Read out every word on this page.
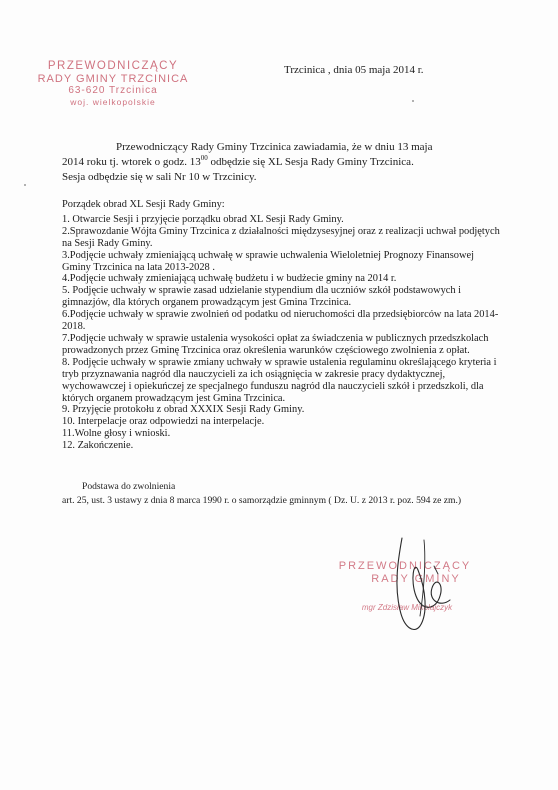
PRZEWODNICZĄCY
RADY GMINY TRZCINICA
63-620 Trzcinica
woj. wielkopolskie
Trzcinica , dnia 05 maja 2014 r.

Przewodniczący Rady Gminy Trzcinica zawiadamia, że w dniu 13 maja

2014 roku tj. wtorek o godz. $13^{00}$ odbędzie się XL Sesja Rady Gminy Trzcinica.

Sesja odbędzie się w sali Nr 10 w Trzcinicy.

Porządek obrad XL Sesji Rady Gminy:

1. Otwarcie Sesji i przyjęcie porządku obrad XL Sesji Rady Gminy.

2.Sprawozdanie Wójta Gminy Trzcinica z działalności międzysesyjnej oraz z realizacji uchwał podjętych na Sesji Rady Gminy.

3.Podjęcie uchwały zmieniającą uchwałę w sprawie uchwalenia Wieloletniej Prognozy Finansowej Gminy Trzcinica na lata 2013-2028 .

4.Podjęcie uchwały zmieniającą uchwałę budżetu i w budżecie gminy na 2014 r.

5. Podjęcie uchwały w sprawie zasad udzielanie stypendium dla uczniów szkół podstawowych i gimnazjów, dla których organem prowadzącym jest Gmina Trzcinica.

6.Podjęcie uchwały w sprawie zwolnień od podatku od nieruchomości dla przedsiębiorców na lata 2014-2018.

7.Podjęcie uchwały w sprawie ustalenia wysokości opłat za świadczenia w publicznych przedszkolach prowadzonych przez Gminę Trzcinica oraz określenia warunków częściowego zwolnienia z opłat.

8. Podjęcie uchwały w sprawie zmiany uchwały w sprawie ustalenia regulaminu określającego kryteria i tryb przyznawania nagród dla nauczycieli za ich osiągnięcia w zakresie pracy dydaktycznej, wychowawczej i opiekuńczej ze specjalnego funduszu nagród dla nauczycieli szkół i przedszkoli, dla których organem prowadzącym jest Gmina Trzcinica.

9. Przyjęcie protokołu z obrad XXXIX Sesji Rady Gminy.

10. Interpelacje oraz odpowiedzi na interpelacje.

11.Wolne głosy i wnioski.

12. Zakończenie.

Podstawa do zwolnienia
art. 25, ust. 3 ustawy z dnia 8 marca 1990 r. o samorządzie gminnym ( Dz. U. z 2013 r. poz. 594 ze zm.)
PRZEWODNICZĄCY
RADY GMINY
mgr Zdzisław Mikołajczyk
